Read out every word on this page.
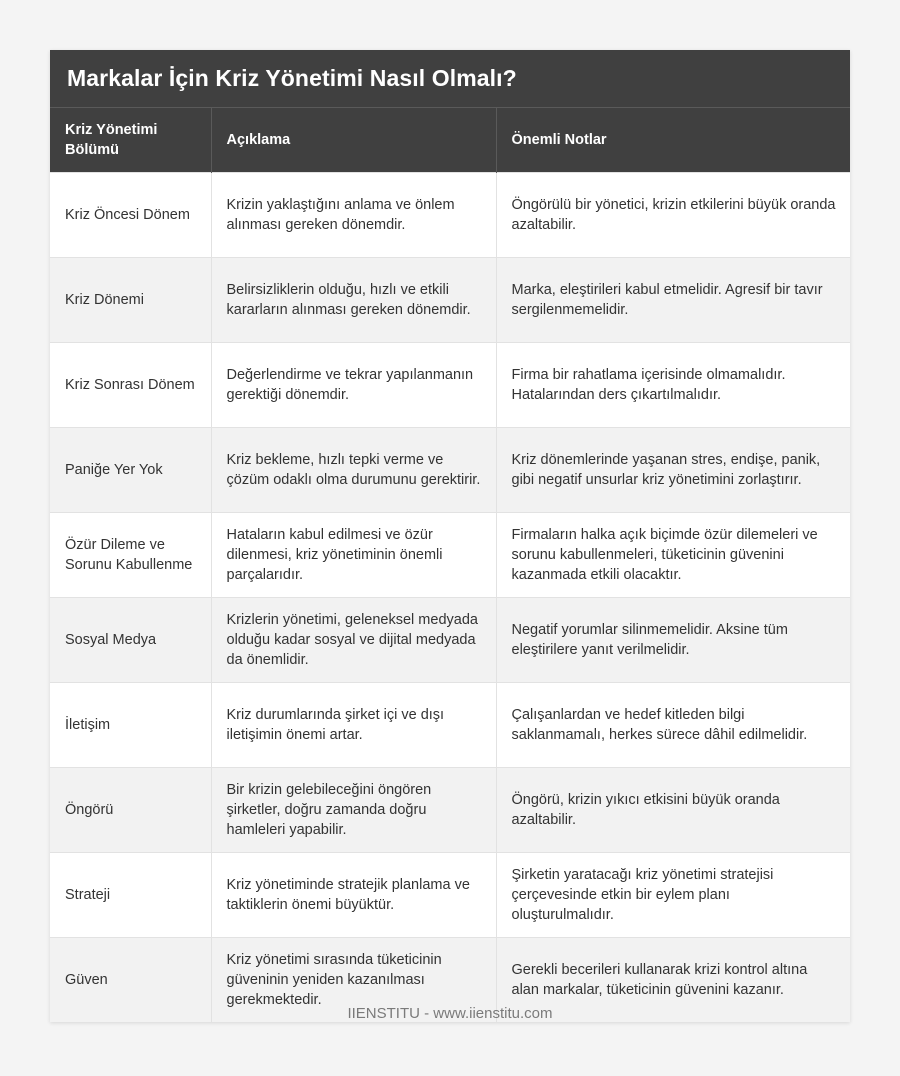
Markalar İçin Kriz Yönetimi Nasıl Olmalı?
Kriz Yönetimi Bölümü	Açıklama	Önemli Notlar
Kriz Öncesi Dönem	Krizin yaklaştığını anlama ve önlem alınması gereken dönemdir.	Öngörülü bir yönetici, krizin etkilerini büyük oranda azaltabilir.
Kriz Dönemi	Belirsizliklerin olduğu, hızlı ve etkili kararların alınması gereken dönemdir.	Marka, eleştirileri kabul etmelidir. Agresif bir tavır sergilenmemelidir.
Kriz Sonrası Dönem	Değerlendirme ve tekrar yapılanmanın gerektiği dönemdir.	Firma bir rahatlama içerisinde olmamalıdır. Hatalarından ders çıkartılmalıdır.
Paniğe Yer Yok	Kriz bekleme, hızlı tepki verme ve çözüm odaklı olma durumunu gerektirir.	Kriz dönemlerinde yaşanan stres, endişe, panik, gibi negatif unsurlar kriz yönetimini zorlaştırır.
Özür Dileme ve Sorunu Kabullenme	Hataların kabul edilmesi ve özür dilenmesi, kriz yönetiminin önemli parçalarıdır.	Firmaların halka açık biçimde özür dilemeleri ve sorunu kabullenmeleri, tüketicinin güvenini kazanmada etkili olacaktır.
Sosyal Medya	Krizlerin yönetimi, geleneksel medyada olduğu kadar sosyal ve dijital medyada da önemlidir.	Negatif yorumlar silinmemelidir. Aksine tüm eleştirilere yanıt verilmelidir.
İletişim	Kriz durumlarında şirket içi ve dışı iletişimin önemi artar.	Çalışanlardan ve hedef kitleden bilgi saklanmamalı, herkes sürece dâhil edilmelidir.
Öngörü	Bir krizin gelebileceğini öngören şirketler, doğru zamanda doğru hamleleri yapabilir.	Öngörü, krizin yıkıcı etkisini büyük oranda azaltabilir.
Strateji	Kriz yönetiminde stratejik planlama ve taktiklerin önemi büyüktür.	Şirketin yaratacağı kriz yönetimi stratejisi çerçevesinde etkin bir eylem planı oluşturulmalıdır.
Güven	Kriz yönetimi sırasında tüketicinin güveninin yeniden kazanılması gerekmektedir.	Gerekli becerileri kullanarak krizi kontrol altına alan markalar, tüketicinin güvenini kazanır.
IIENSTITU - www.iienstitu.com
